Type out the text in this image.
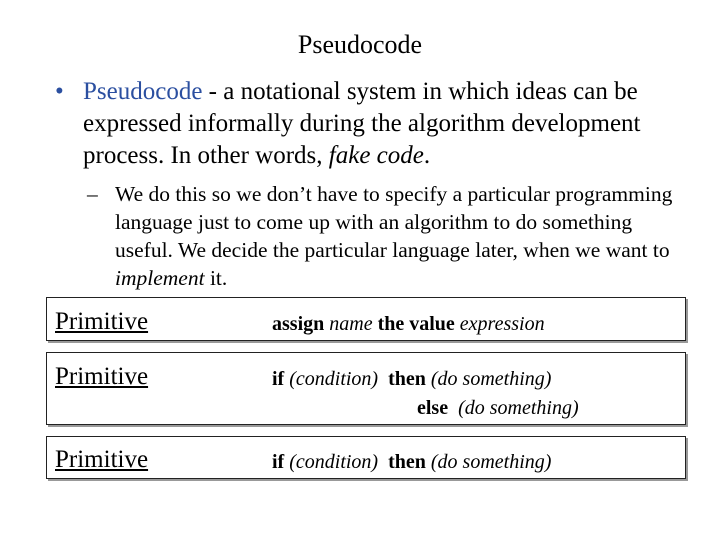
Pseudocode
• Pseudocode - a notational system in which ideas can be expressed informally during the algorithm development process. In other words, fake code.
– We do this so we don’t have to specify a particular programming language just to come up with an algorithm to do something useful. We decide the particular language later, when we want to implement it.
Primitive	assign name the value expression
Primitive	if (condition) then (do something)
else (do something)
Primitive	if (condition) then (do something)
